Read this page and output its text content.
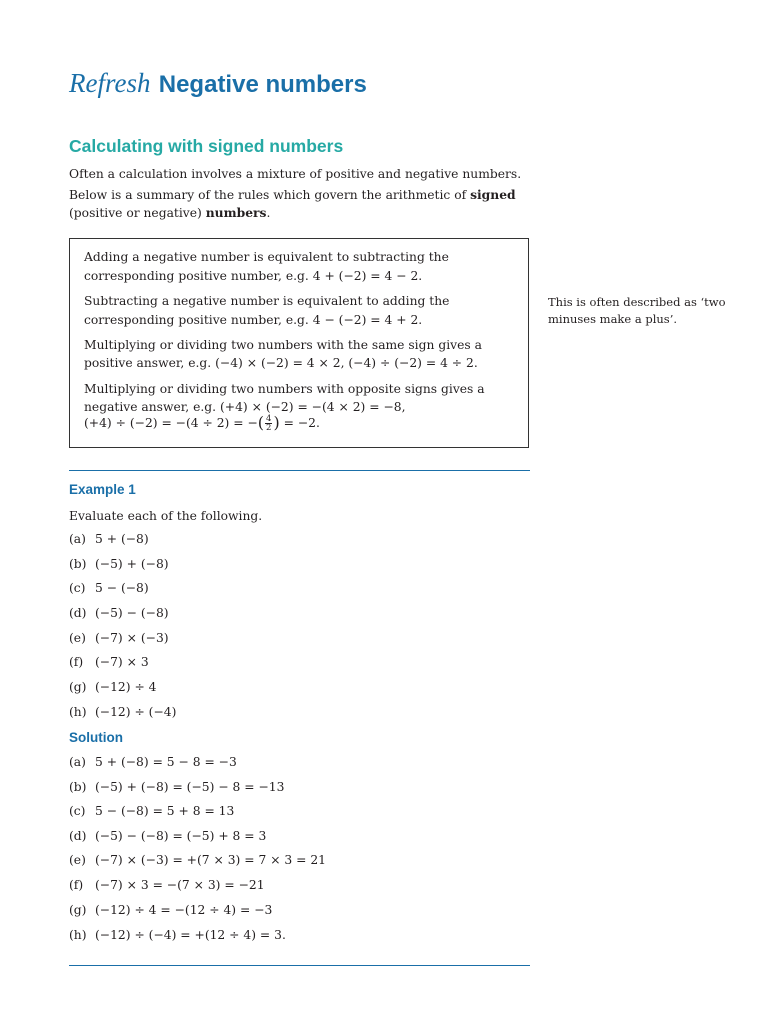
Refresh Negative numbers
Calculating with signed numbers
Often a calculation involves a mixture of positive and negative numbers.
Below is a summary of the rules which govern the arithmetic of signed
(positive or negative) numbers.
Adding a negative number is equivalent to subtracting the
corresponding positive number, e.g. 4 + (−2) = 4 − 2.
Subtracting a negative number is equivalent to adding the
corresponding positive number, e.g. 4 − (−2) = 4 + 2.
Multiplying or dividing two numbers with the same sign gives a
positive answer, e.g. (−4) × (−2) = 4 × 2, (−4) ÷ (−2) = 4 ÷ 2.
Multiplying or dividing two numbers with opposite signs gives a
negative answer, e.g. (+4) × (−2) = −(4 × 2) = −8,
(+4) ÷ (−2) = −(4 ÷ 2) = −( $\frac{4}{2}$ ) = −2.
This is often described as ‘two
minuses make a plus’.
Example 1
Evaluate each of the following.
(a) 5 + (−8)
(b) (−5) + (−8)
(c) 5 − (−8)
(d) (−5) − (−8)
(e) (−7) × (−3)
(f) (−7) × 3
(g) (−12) ÷ 4
(h) (−12) ÷ (−4)
Solution
(a) 5 + (−8) = 5 − 8 = −3
(b) (−5) + (−8) = (−5) − 8 = −13
(c) 5 − (−8) = 5 + 8 = 13
(d) (−5) − (−8) = (−5) + 8 = 3
(e) (−7) × (−3) = +(7 × 3) = 7 × 3 = 21
(f) (−7) × 3 = −(7 × 3) = −21
(g) (−12) ÷ 4 = −(12 ÷ 4) = −3
(h) (−12) ÷ (−4) = +(12 ÷ 4) = 3.
